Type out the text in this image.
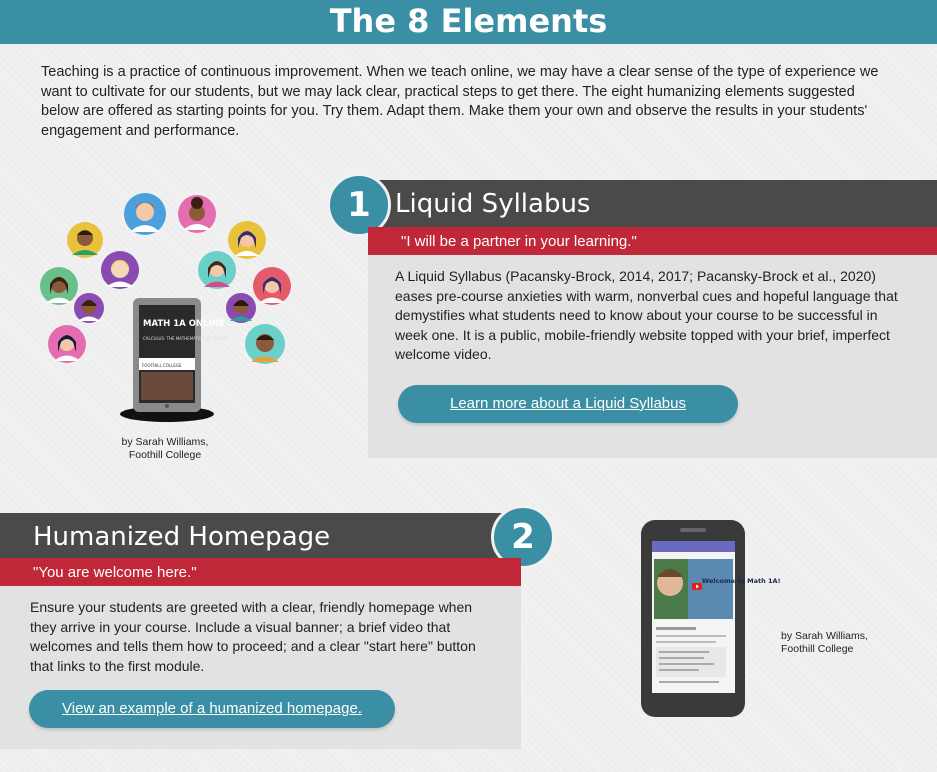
The 8 Elements
Teaching is a practice of continuous improvement. When we teach online, we may have a clear sense of the type of experience we want to cultivate for our students, but we may lack clear, practical steps to get there. The eight humanizing elements suggested below are offered as starting points for you. Try them. Adapt them. Make them your own and observe the results in your students' engagement and performance.
MATH 1A ONLINE
CALCULUS: THE MATHEMATICS OF CHANGE
FOOTHILL COLLEGE
by Sarah Williams,
Foothill College
Liquid Syllabus
1
"I will be a partner in your learning."

A Liquid Syllabus (Pacansky-Brock, 2014, 2017; Pacansky-Brock et al., 2020) eases pre-course anxieties with warm, nonverbal cues and hopeful language that demystifies what students need to know about your course to be successful in week one. It is a public, mobile-friendly website topped with your brief, imperfect welcome video.

Learn more about a Liquid Syllabus
Humanized Homepage	2
"You are welcome here."

Ensure your students are greeted with a clear, friendly homepage when they arrive in your course. Include a visual banner; a brief video that welcomes and tells them how to proceed; and a clear "start here" button that links to the first module.

View an example of a humanized homepage.
Welcome to Math 1A!
by Sarah Williams,
Foothill College
